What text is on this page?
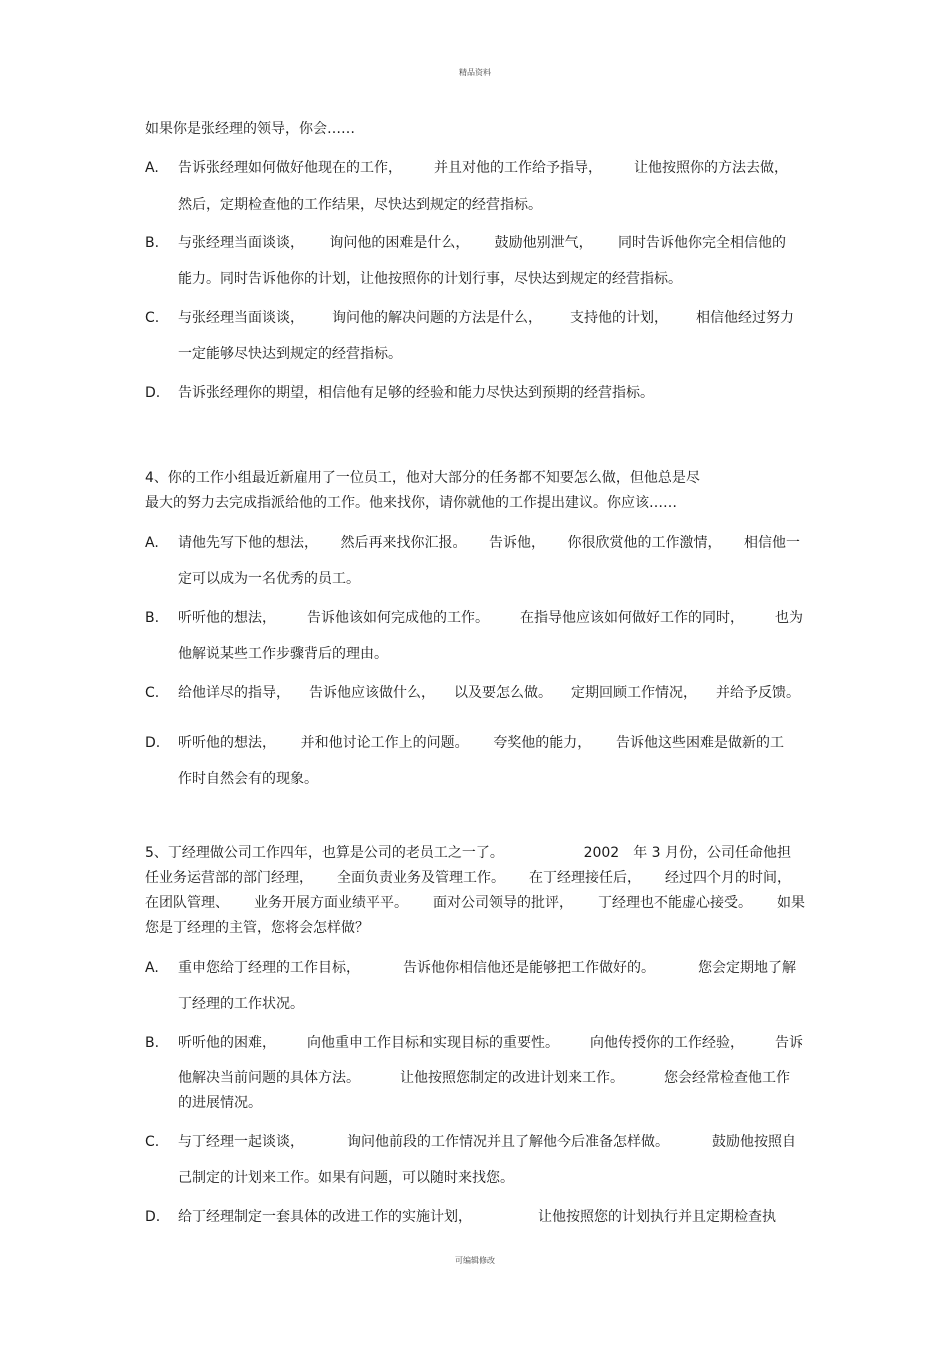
精品资料
如果你是张经理的领导，你会……
A. 告诉张经理如何做好他现在的工作， 并且对他的工作给予指导， 让他按照你的方法去做，
然后，定期检查他的工作结果，尽快达到规定的经营指标。
B. 与张经理当面谈谈， 询问他的困难是什么， 鼓励他别泄气， 同时告诉他你完全相信他的
能力。同时告诉他你的计划，让他按照你的计划行事，尽快达到规定的经营指标。
C. 与张经理当面谈谈， 询问他的解决问题的方法是什么， 支持他的计划， 相信他经过努力
一定能够尽快达到规定的经营指标。
D. 告诉张经理你的期望，相信他有足够的经验和能力尽快达到预期的经营指标。
4、你的工作小组最近新雇用了一位员工，他对大部分的任务都不知要怎么做，但他总是尽
最大的努力去完成指派给他的工作。他来找你，请你就他的工作提出建议。你应该……
A. 请他先写下他的想法， 然后再来找你汇报。 告诉他， 你很欣赏他的工作激情， 相信他一
定可以成为一名优秀的员工。
B. 听听他的想法， 告诉他该如何完成他的工作。 在指导他应该如何做好工作的同时， 也为
他解说某些工作步骤背后的理由。
C. 给他详尽的指导， 告诉他应该做什么， 以及要怎么做。 定期回顾工作情况， 并给予反馈。
D. 听听他的想法， 并和他讨论工作上的问题。 夸奖他的能力， 告诉他这些困难是做新的工
作时自然会有的现象。
5、丁经理做公司工作四年，也算是公司的老员工之一了。	2002　年 3 月份，公司任命他担
任业务运营部的部门经理， 全面负责业务及管理工作。 在丁经理接任后， 经过四个月的时间，
在团队管理、 业务开展方面业绩平平。 面对公司领导的批评， 丁经理也不能虚心接受。 如果
您是丁经理的主管，您将会怎样做？
A. 重申您给丁经理的工作目标，	告诉他你相信他还是能够把工作做好的。	您会定期地了解
丁经理的工作状况。
B. 听听他的困难， 向他重申工作目标和实现目标的重要性。 向他传授你的工作经验， 告诉
他解决当前问题的具体方法。	让他按照您制定的改进计划来工作。	您会经常检查他工作
的进展情况。
C. 与丁经理一起谈谈，	询问他前段的工作情况并且了解他今后准备怎样做。	鼓励他按照自
己制定的计划来工作。如果有问题，可以随时来找您。
D. 给丁经理制定一套具体的改进工作的实施计划，	让他按照您的计划执行并且定期检查执
可编辑修改
